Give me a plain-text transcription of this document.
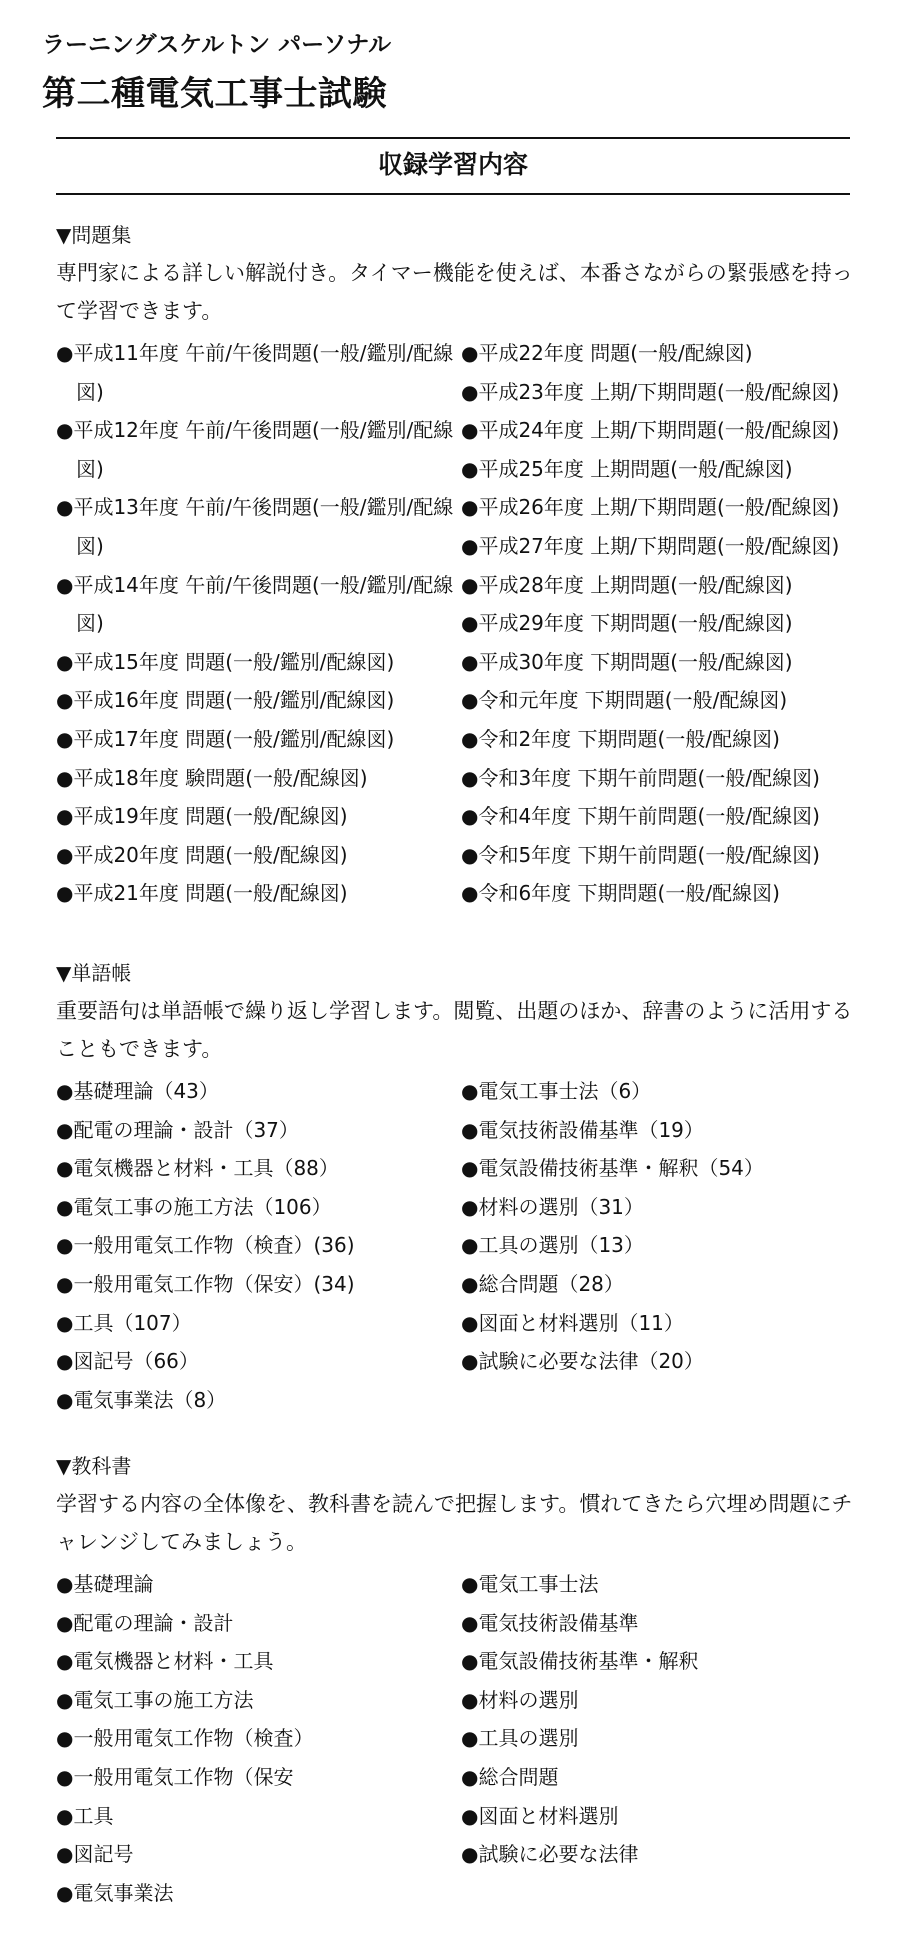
ラーニングスケルトン パーソナル
第二種電気工事士試験
収録学習内容
▼問題集
専門家による詳しい解説付き。タイマー機能を使えば、本番さながらの緊張感を持って学習できます。
●平成11年度 午前/午後問題(一般/鑑別/配線図)
●平成12年度 午前/午後問題(一般/鑑別/配線図)
●平成13年度 午前/午後問題(一般/鑑別/配線図)
●平成14年度 午前/午後問題(一般/鑑別/配線図)
●平成15年度 問題(一般/鑑別/配線図)
●平成16年度 問題(一般/鑑別/配線図)
●平成17年度 問題(一般/鑑別/配線図)
●平成18年度 験問題(一般/配線図)
●平成19年度 問題(一般/配線図)
●平成20年度 問題(一般/配線図)
●平成21年度 問題(一般/配線図)
●平成22年度 問題(一般/配線図)
●平成23年度 上期/下期問題(一般/配線図)
●平成24年度 上期/下期問題(一般/配線図)
●平成25年度 上期問題(一般/配線図)
●平成26年度 上期/下期問題(一般/配線図)
●平成27年度 上期/下期問題(一般/配線図)
●平成28年度 上期問題(一般/配線図)
●平成29年度 下期問題(一般/配線図)
●平成30年度 下期問題(一般/配線図)
●令和元年度 下期問題(一般/配線図)
●令和2年度 下期問題(一般/配線図)
●令和3年度 下期午前問題(一般/配線図)
●令和4年度 下期午前問題(一般/配線図)
●令和5年度 下期午前問題(一般/配線図)
●令和6年度 下期問題(一般/配線図)
▼単語帳
重要語句は単語帳で繰り返し学習します。閲覧、出題のほか、辞書のように活用することもできます。
●基礎理論（43）
●配電の理論・設計（37）
●電気機器と材料・工具（88）
●電気工事の施工方法（106）
●一般用電気工作物（検査）(36)
●一般用電気工作物（保安）(34)
●工具（107）
●図記号（66）
●電気事業法（8）
●電気工事士法（6）
●電気技術設備基準（19）
●電気設備技術基準・解釈（54）
●材料の選別（31）
●工具の選別（13）
●総合問題（28）
●図面と材料選別（11）
●試験に必要な法律（20）
▼教科書
学習する内容の全体像を、教科書を読んで把握します。慣れてきたら穴埋め問題にチャレンジしてみましょう。
●基礎理論
●配電の理論・設計
●電気機器と材料・工具
●電気工事の施工方法
●一般用電気工作物（検査）
●一般用電気工作物（保安
●工具
●図記号
●電気事業法
●電気工事士法
●電気技術設備基準
●電気設備技術基準・解釈
●材料の選別
●工具の選別
●総合問題
●図面と材料選別
●試験に必要な法律
